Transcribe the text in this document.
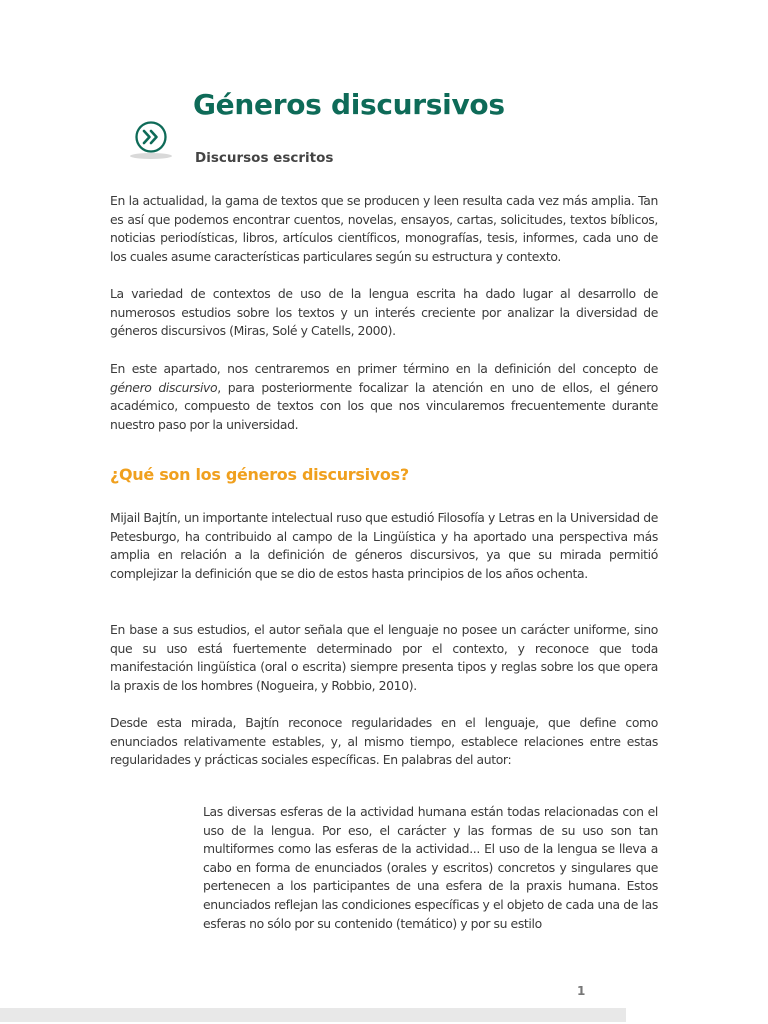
Géneros discursivos
Discursos escritos

En la actualidad, la gama de textos que se producen y leen resulta cada vez más amplia. Tan es así que podemos encontrar cuentos, novelas, ensayos, cartas, solicitudes, textos bíblicos, noticias periodísticas, libros, artículos científicos, monografías, tesis, informes, cada uno de los cuales asume características particulares según su estructura y contexto.

La variedad de contextos de uso de la lengua escrita ha dado lugar al desarrollo de numerosos estudios sobre los textos y un interés creciente por analizar la diversidad de géneros discursivos (Miras, Solé y Catells, 2000).

En este apartado, nos centraremos en primer término en la definición del concepto de género discursivo, para posteriormente focalizar la atención en uno de ellos, el género académico, compuesto de textos con los que nos vincularemos frecuentemente durante nuestro paso por la universidad.

¿Qué son los géneros discursivos?

Mijail Bajtín, un importante intelectual ruso que estudió Filosofía y Letras en la Universidad de Petesburgo, ha contribuido al campo de la Lingüística y ha aportado una perspectiva más amplia en relación a la definición de géneros discursivos, ya que su mirada permitió complejizar la definición que se dio de estos hasta principios de los años ochenta.

En base a sus estudios, el autor señala que el lenguaje no posee un carácter uniforme, sino que su uso está fuertemente determinado por el contexto, y reconoce que toda manifestación lingüística (oral o escrita) siempre presenta tipos y reglas sobre los que opera la praxis de los hombres (Nogueira, y Robbio, 2010).

Desde esta mirada, Bajtín reconoce regularidades en el lenguaje, que define como enunciados relativamente estables, y, al mismo tiempo, establece relaciones entre estas regularidades y prácticas sociales específicas. En palabras del autor:

Las diversas esferas de la actividad humana están todas relacionadas con el uso de la lengua. Por eso, el carácter y las formas de su uso son tan multiformes como las esferas de la actividad... El uso de la lengua se lleva a cabo en forma de enunciados (orales y escritos) concretos y singulares que pertenecen a los participantes de una esfera de la praxis humana. Estos enunciados reflejan las condiciones específicas y el objeto de cada una de las esferas no sólo por su contenido (temático) y por su estilo

1
